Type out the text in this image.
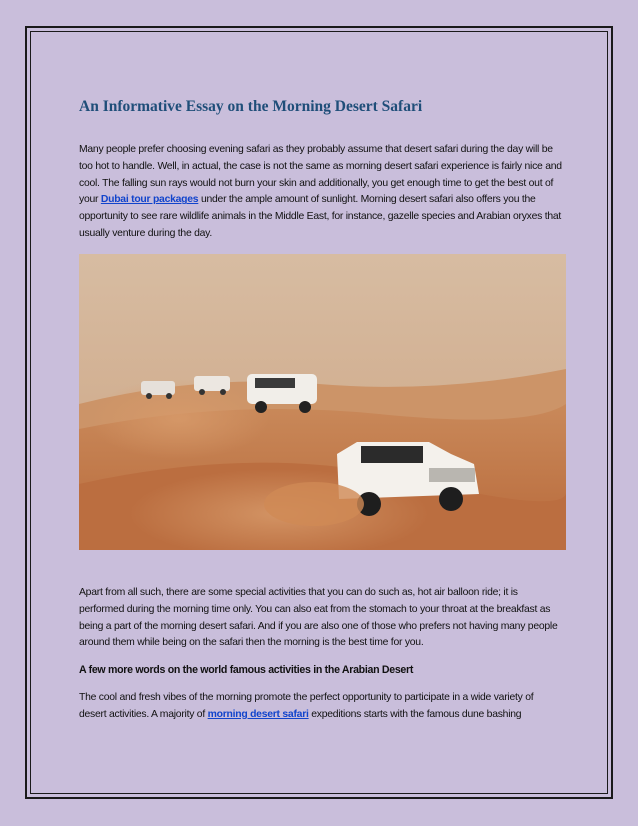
An Informative Essay on the Morning Desert Safari

Many people prefer choosing evening safari as they probably assume that desert safari during the day will be too hot to handle. Well, in actual, the case is not the same as morning desert safari experience is fairly nice and cool. The falling sun rays would not burn your skin and additionally, you get enough time to get the best out of your Dubai tour packages under the ample amount of sunlight. Morning desert safari also offers you the opportunity to see rare wildlife animals in the Middle East, for instance, gazelle species and Arabian oryxes that usually venture during the day.

Apart from all such, there are some special activities that you can do such as, hot air balloon ride; it is performed during the morning time only. You can also eat from the stomach to your throat at the breakfast as being a part of the morning desert safari. And if you are also one of those who prefers not having many people around them while being on the safari then the morning is the best time for you.

A few more words on the world famous activities in the Arabian Desert

The cool and fresh vibes of the morning promote the perfect opportunity to participate in a wide variety of desert activities. A majority of morning desert safari expeditions starts with the famous dune bashing
